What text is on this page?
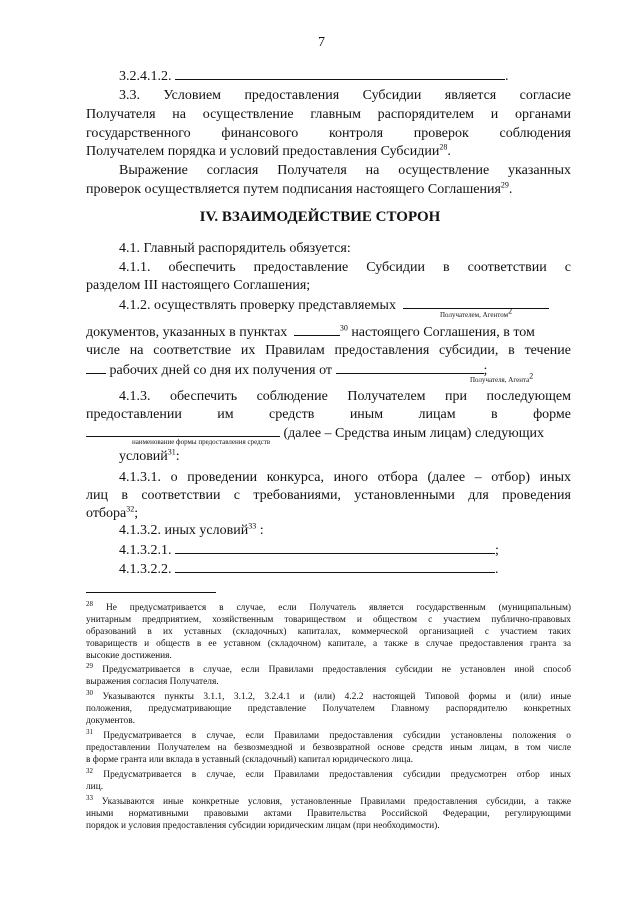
7
3.2.4.1.2.	.
3.3. Условием предоставления Субсидии является согласие
Получателя на осуществление главным распорядителем и органами
государственного финансового контроля проверок соблюдения
Получателем порядка и условий предоставления Субсидии$^{28}$.
Выражение согласия Получателя на осуществление указанных
проверок осуществляется путем подписания настоящего Соглашения$^{29}$.
IV. ВЗАИМОДЕЙСТВИЕ СТОРОН
4.1. Главный распорядитель обязуется:
4.1.1. обеспечить предоставление Субсидии в соответствии с
разделом III настоящего Соглашения;
4.1.2. осуществлять проверку представляемых
Получателем, Агентом$^2$
документов, указанных в пунктах	$^{30}$ настоящего Соглашения, в том
числе на соответствие их Правилам предоставления субсидии, в течение
рабочих дней со дня их получения от	;
Получателя, Агента$^2$
4.1.3. обеспечить соблюдение Получателем при последующем
предоставлении им средств иным лицам в форме
(далее – Средства иным лицам) следующих
наименование формы предоставления средств
условий$^{31}$:
4.1.3.1. о проведении конкурса, иного отбора (далее – отбор) иных
лиц в соответствии с требованиями, установленными для проведения
отбора$^{32}$;
4.1.3.2. иных условий$^{33}$ :
4.1.3.2.1.	;
4.1.3.2.2.	.
$^{28}$ Не предусматривается в случае, если Получатель является государственным (муниципальным)
унитарным предприятием, хозяйственным товариществом и обществом с участием публично-правовых
образований в их уставных (складочных) капиталах, коммерческой организацией с участием таких
товариществ и обществ в ее уставном (складочном) капитале, а также в случае предоставления гранта за
высокие достижения.
$^{29}$ Предусматривается в случае, если Правилами предоставления субсидии не установлен иной способ
выражения согласия Получателя.
$^{30}$ Указываются пункты 3.1.1, 3.1.2, 3.2.4.1 и (или) 4.2.2 настоящей Типовой формы и (или) иные
положения, предусматривающие представление Получателем Главному распорядителю конкретных
документов.
$^{31}$ Предусматривается в случае, если Правилами предоставления субсидии установлены положения о
предоставлении Получателем на безвозмездной и безвозвратной основе средств иным лицам, в том числе
в форме гранта или вклада в уставный (складочный) капитал юридического лица.
$^{32}$ Предусматривается в случае, если Правилами предоставления субсидии предусмотрен отбор иных
лиц.
$^{33}$ Указываются иные конкретные условия, установленные Правилами предоставления субсидии, а также
иными нормативными правовыми актами Правительства Российской Федерации, регулирующими
порядок и условия предоставления субсидии юридическим лицам (при необходимости).
